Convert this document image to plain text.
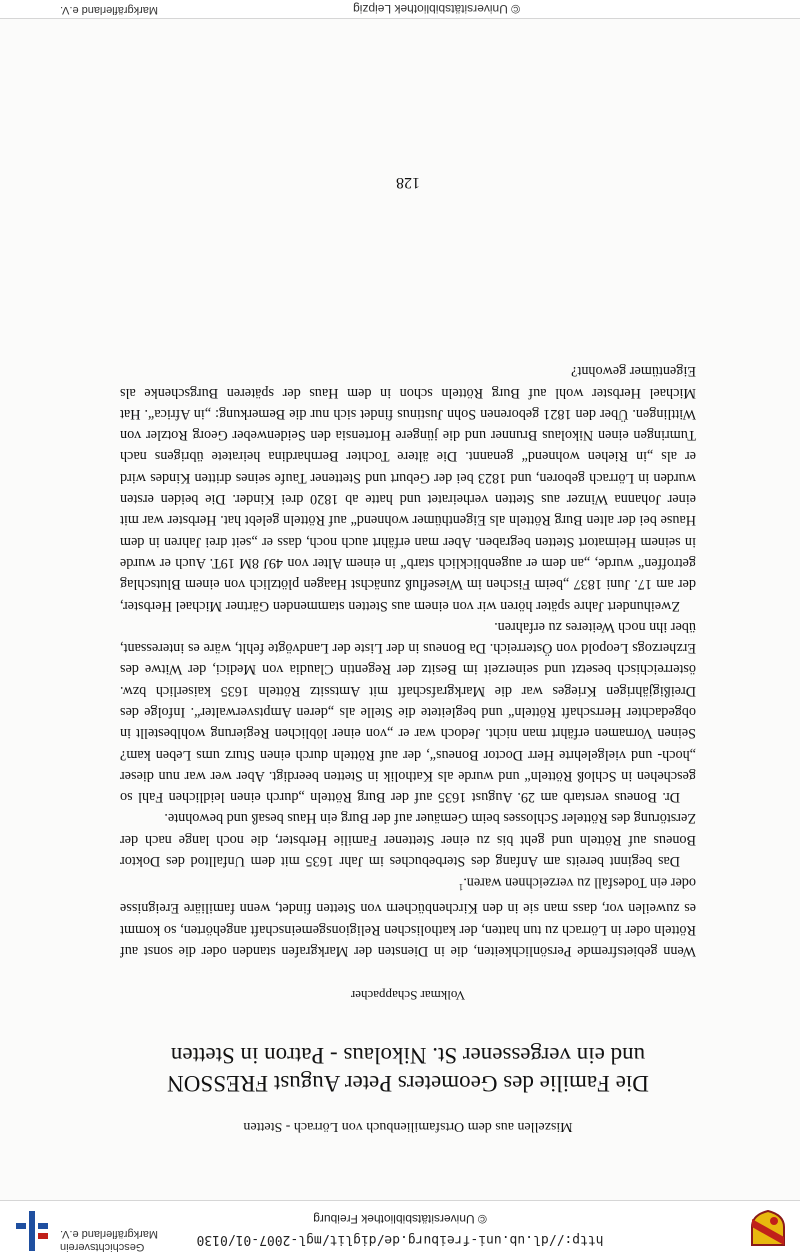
Geschichtsverein
Markgräflerland e.V.	http://dl.ub.uni-freiburg.de/diglit/mgl-2007-01/0130
© Universitätsbibliothek Freiburg
128
Miszellen aus dem Ortsfamilienbuch von Lörrach - Stetten
Die Familie des Geometers Peter August FRESSON
und ein vergessener St. Nikolaus - Patron in Stetten
Volkmar Schappacher

Wenn gebietsfremde Persönlichkeiten, die in Diensten der Markgrafen standen oder die sonst auf Rötteln oder in Lörrach zu tun hatten, der katholischen Religionsgemeinschaft angehörten, so kommt es zuweilen vor, dass man sie in den Kirchenbüchern von Stetten findet, wenn familiäre Ereignisse oder ein Todesfall zu verzeichnen waren.$^1$

Das beginnt bereits am Anfang des Sterbebuches im Jahr 1635 mit dem Unfalltod des Doktor Boneus auf Rötteln und geht bis zu einer Stettener Familie Herbster, die noch lange nach der Zerstörung des Rötteler Schlosses beim Gemäuer auf der Burg ein Haus besaß und bewohnte.

Dr. Boneus verstarb am 29. August 1635 auf der Burg Rötteln „durch einen leidlichen Fahl so geschehen in Schloß Rötteln“ und wurde als Katholik in Stetten beerdigt. Aber wer war nun dieser „hoch- und vielgelehrte Herr Doctor Boneus“, der auf Rötteln durch einen Sturz ums Leben kam? Seinen Vornamen erfährt man nicht. Jedoch war er „von einer löblichen Regierung wohlbestellt in obgedachter Herrschaft Rötteln“ und begleitete die Stelle als „deren Amptsverwalter“. Infolge des Dreißigjährigen Krieges war die Markgrafschaft mit Amtssitz Rötteln 1635 kaiserlich bzw. österreichisch besetzt und seinerzeit im Besitz der Regentin Claudia von Medici, der Witwe des Erzherzogs Leopold von Österreich. Da Boneus in der Liste der Landvögte fehlt, wäre es interessant, über ihn noch Weiteres zu erfahren.

Zweihundert Jahre später hören wir von einem aus Stetten stammenden Gärtner Michael Herbster, der am 17. Juni 1837 „beim Fischen im Wiesefluß zunächst Haagen plötzlich von einem Blutschlag getroffen“ wurde, „an dem er augenblicklich starb“ in einem Alter von 49J 8M 19T. Auch er wurde in seinem Heimatort Stetten begraben. Aber man erfährt auch noch, dass er „seit drei Jahren in dem Hause bei der alten Burg Rötteln als Eigenthümer wohnend“ auf Rötteln gelebt hat. Herbster war mit einer Johanna Winzer aus Stetten verheiratet und hatte ab 1820 drei Kinder. Die beiden ersten wurden in Lörrach geboren, und 1823 bei der Geburt und Stettener Taufe seines dritten Kindes wird er als „in Riehen wohnend“ genannt. Die ältere Tochter Bernhardina heiratete übrigens nach Tumringen einen Nikolaus Brunner und die jüngere Hortensia den Seidenweber Georg Rotzler von Wittlingen. Über den 1821 geborenen Sohn Justinus findet sich nur die Bemerkung: „in Africa“. Hat Michael Herbster wohl auf Burg Rötteln schon in dem Haus der späteren Burgschenke als Eigentümer gewohnt?

© Universitätsbibliothek Leipzig
Markgräflerland e.V.
